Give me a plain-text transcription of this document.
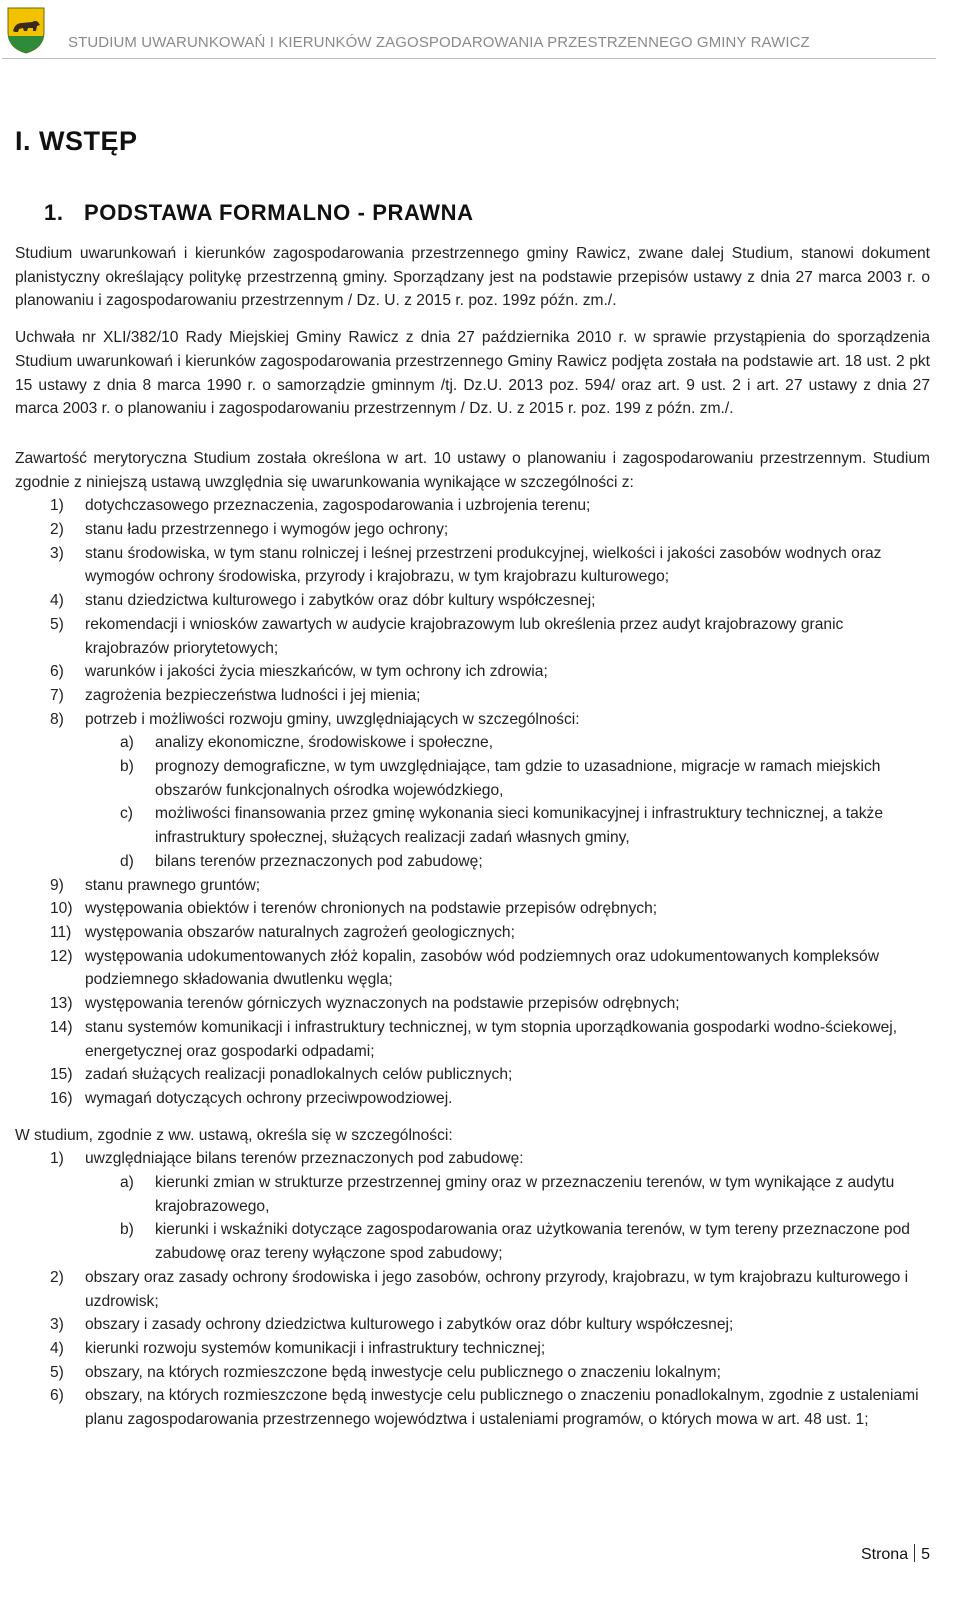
STUDIUM UWARUNKOWAŃ I KIERUNKÓW ZAGOSPODAROWANIA PRZESTRZENNEGO GMINY RAWICZ
I. WSTĘP
1. PODSTAWA FORMALNO - PRAWNA

Studium uwarunkowań i kierunków zagospodarowania przestrzennego gminy Rawicz, zwane dalej Studium, stanowi dokument planistyczny określający politykę przestrzenną gminy. Sporządzany jest na podstawie przepisów ustawy z dnia 27 marca 2003 r. o planowaniu i zagospodarowaniu przestrzennym / Dz. U. z 2015 r. poz. 199z późn. zm./.

Uchwała nr XLI/382/10 Rady Miejskiej Gminy Rawicz z dnia 27 października 2010 r. w sprawie przystąpienia do sporządzenia Studium uwarunkowań i kierunków zagospodarowania przestrzennego Gminy Rawicz podjęta została na podstawie art. 18 ust. 2 pkt 15 ustawy z dnia 8 marca 1990 r. o samorządzie gminnym /tj. Dz.U. 2013 poz. 594/ oraz art. 9 ust. 2 i art. 27 ustawy z dnia 27 marca 2003 r. o planowaniu i zagospodarowaniu przestrzennym / Dz. U. z 2015 r. poz. 199 z późn. zm./.

Zawartość merytoryczna Studium została określona w art. 10 ustawy o planowaniu i zagospodarowaniu przestrzennym. Studium zgodnie z niniejszą ustawą uwzględnia się uwarunkowania wynikające w szczególności z:

1) dotychczasowego przeznaczenia, zagospodarowania i uzbrojenia terenu;
2) stanu ładu przestrzennego i wymogów jego ochrony;
3) stanu środowiska, w tym stanu rolniczej i leśnej przestrzeni produkcyjnej, wielkości i jakości zasobów wodnych oraz wymogów ochrony środowiska, przyrody i krajobrazu, w tym krajobrazu kulturowego;
4) stanu dziedzictwa kulturowego i zabytków oraz dóbr kultury współczesnej;
5) rekomendacji i wniosków zawartych w audycie krajobrazowym lub określenia przez audyt krajobrazowy granic krajobrazów priorytetowych;
6) warunków i jakości życia mieszkańców, w tym ochrony ich zdrowia;
7) zagrożenia bezpieczeństwa ludności i jej mienia;
8) potrzeb i możliwości rozwoju gminy, uwzględniających w szczególności:
a) analizy ekonomiczne, środowiskowe i społeczne,
b) prognozy demograficzne, w tym uwzględniające, tam gdzie to uzasadnione, migracje w ramach miejskich obszarów funkcjonalnych ośrodka wojewódzkiego,
c) możliwości finansowania przez gminę wykonania sieci komunikacyjnej i infrastruktury technicznej, a także infrastruktury społecznej, służących realizacji zadań własnych gminy,
d) bilans terenów przeznaczonych pod zabudowę;
9) stanu prawnego gruntów;
10) występowania obiektów i terenów chronionych na podstawie przepisów odrębnych;
11) występowania obszarów naturalnych zagrożeń geologicznych;
12) występowania udokumentowanych złóż kopalin, zasobów wód podziemnych oraz udokumentowanych kompleksów podziemnego składowania dwutlenku węgla;
13) występowania terenów górniczych wyznaczonych na podstawie przepisów odrębnych;
14) stanu systemów komunikacji i infrastruktury technicznej, w tym stopnia uporządkowania gospodarki wodno-ściekowej, energetycznej oraz gospodarki odpadami;
15) zadań służących realizacji ponadlokalnych celów publicznych;
16) wymagań dotyczących ochrony przeciwpowodziowej.

W studium, zgodnie z ww. ustawą, określa się w szczególności:

1) uwzględniające bilans terenów przeznaczonych pod zabudowę:
a) kierunki zmian w strukturze przestrzennej gminy oraz w przeznaczeniu terenów, w tym wynikające z audytu krajobrazowego,
b) kierunki i wskaźniki dotyczące zagospodarowania oraz użytkowania terenów, w tym tereny przeznaczone pod zabudowę oraz tereny wyłączone spod zabudowy;
2) obszary oraz zasady ochrony środowiska i jego zasobów, ochrony przyrody, krajobrazu, w tym krajobrazu kulturowego i uzdrowisk;
3) obszary i zasady ochrony dziedzictwa kulturowego i zabytków oraz dóbr kultury współczesnej;
4) kierunki rozwoju systemów komunikacji i infrastruktury technicznej;
5) obszary, na których rozmieszczone będą inwestycje celu publicznego o znaczeniu lokalnym;
6) obszary, na których rozmieszczone będą inwestycje celu publicznego o znaczeniu ponadlokalnym, zgodnie z ustaleniami planu zagospodarowania przestrzennego województwa i ustaleniami programów, o których mowa w art. 48 ust. 1;
Strona 5
